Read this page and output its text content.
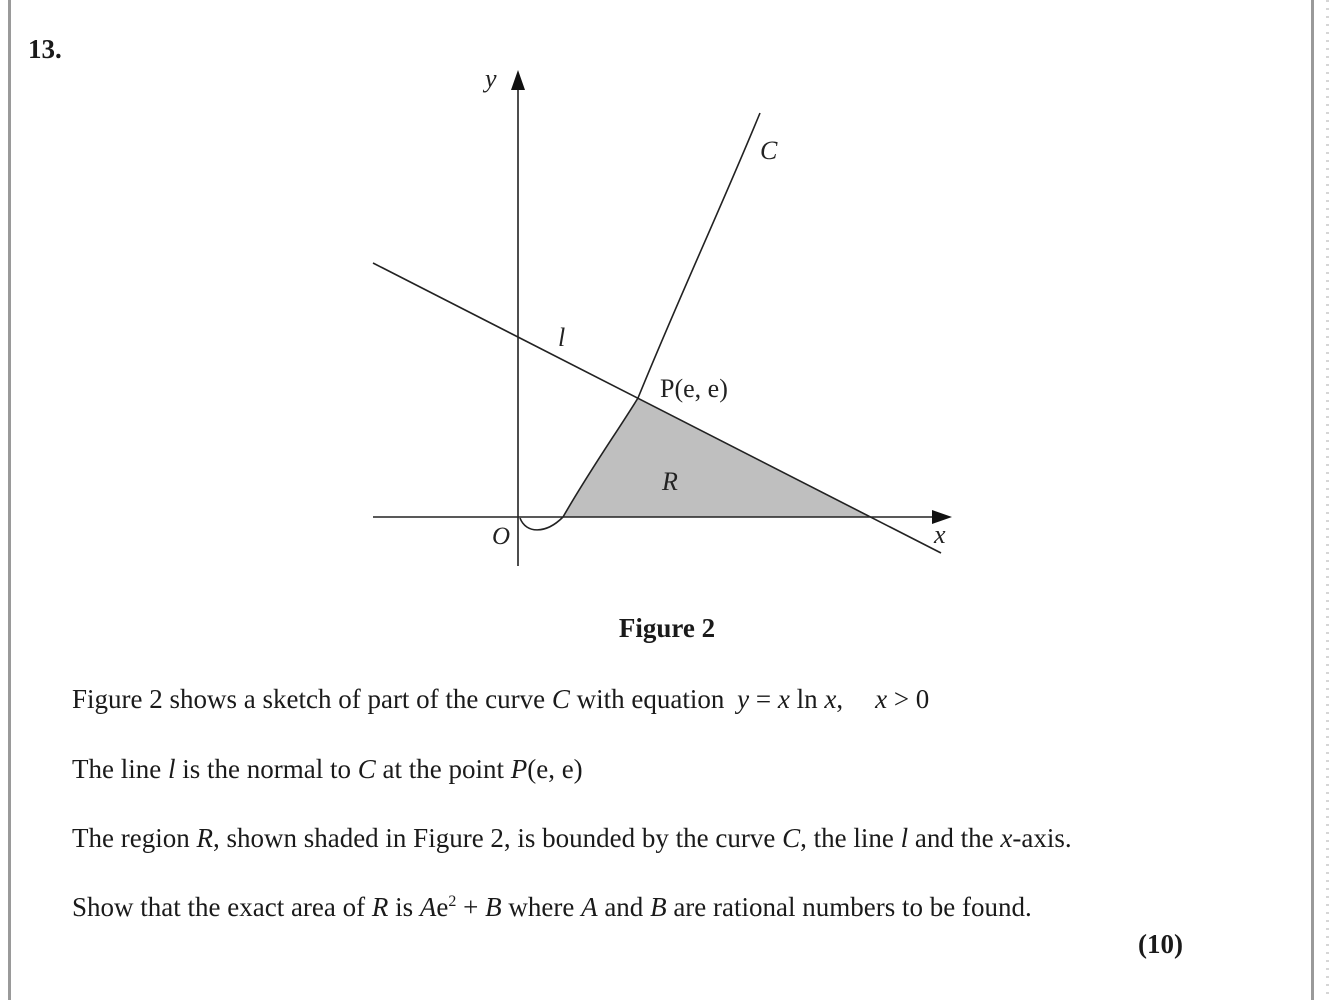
13.
y
x
O
C
l
P(e, e)
R
Figure 2
Figure 2 shows a sketch of part of the curve C with equation y = x ln x, x > 0
The line l is the normal to C at the point P(e, e)
The region R, shown shaded in Figure 2, is bounded by the curve C, the line l and the x-axis.
Show that the exact area of R is $Ae^2 + B$ where A and B are rational numbers to be found.
(10)
